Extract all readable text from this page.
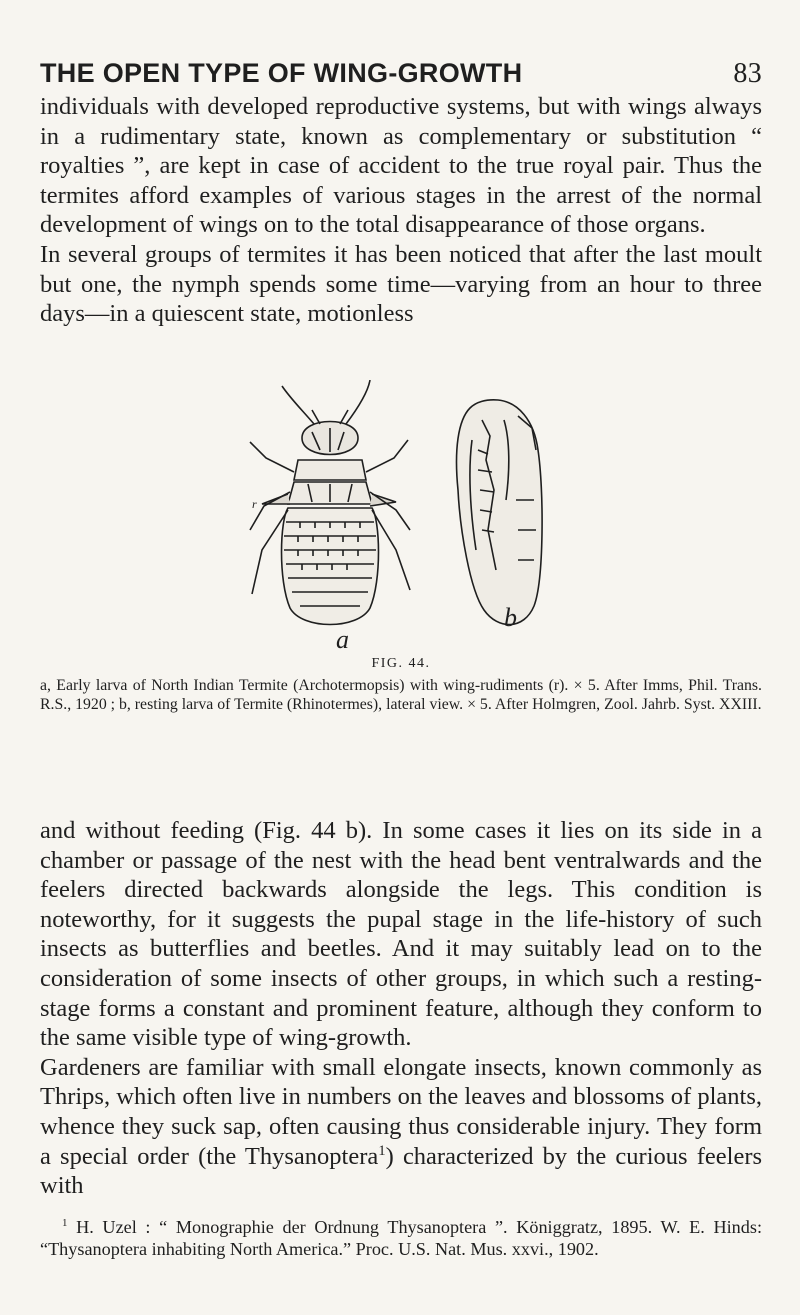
THE OPEN TYPE OF WING-GROWTH	83

individuals with developed reproductive systems, but with wings always in a rudimentary state, known as complementary or substitution “ royalties ”, are kept in case of accident to the true royal pair. Thus the termites afford examples of various stages in the arrest of the normal development of wings on to the total disappearance of those organs.

In several groups of termites it has been noticed that after the last moult but one, the nymph spends some time—varying from an hour to three days—in a quiescent state, motionless

a
b
r
FIG. 44.

a, Early larva of North Indian Termite (Archotermopsis) with wing-rudiments (r). × 5. After Imms, Phil. Trans. R.S., 1920 ; b, resting larva of Termite (Rhinotermes), lateral view. × 5. After Holmgren, Zool. Jahrb. Syst. XXIII.

and without feeding (Fig. 44 b). In some cases it lies on its side in a chamber or passage of the nest with the head bent ventralwards and the feelers directed backwards alongside the legs. This condition is noteworthy, for it suggests the pupal stage in the life-history of such insects as butterflies and beetles. And it may suitably lead on to the consideration of some insects of other groups, in which such a resting-stage forms a constant and prominent feature, although they conform to the same visible type of wing-growth.

Gardeners are familiar with small elongate insects, known commonly as Thrips, which often live in numbers on the leaves and blossoms of plants, whence they suck sap, often causing thus considerable injury. They form a special order (the Thysanoptera$^1$) characterized by the curious feelers with

$^1$ H. Uzel : “ Monographie der Ordnung Thysanoptera ”. Königgratz, 1895. W. E. Hinds: “Thysanoptera inhabiting North America.” Proc. U.S. Nat. Mus. xxvi., 1902.
